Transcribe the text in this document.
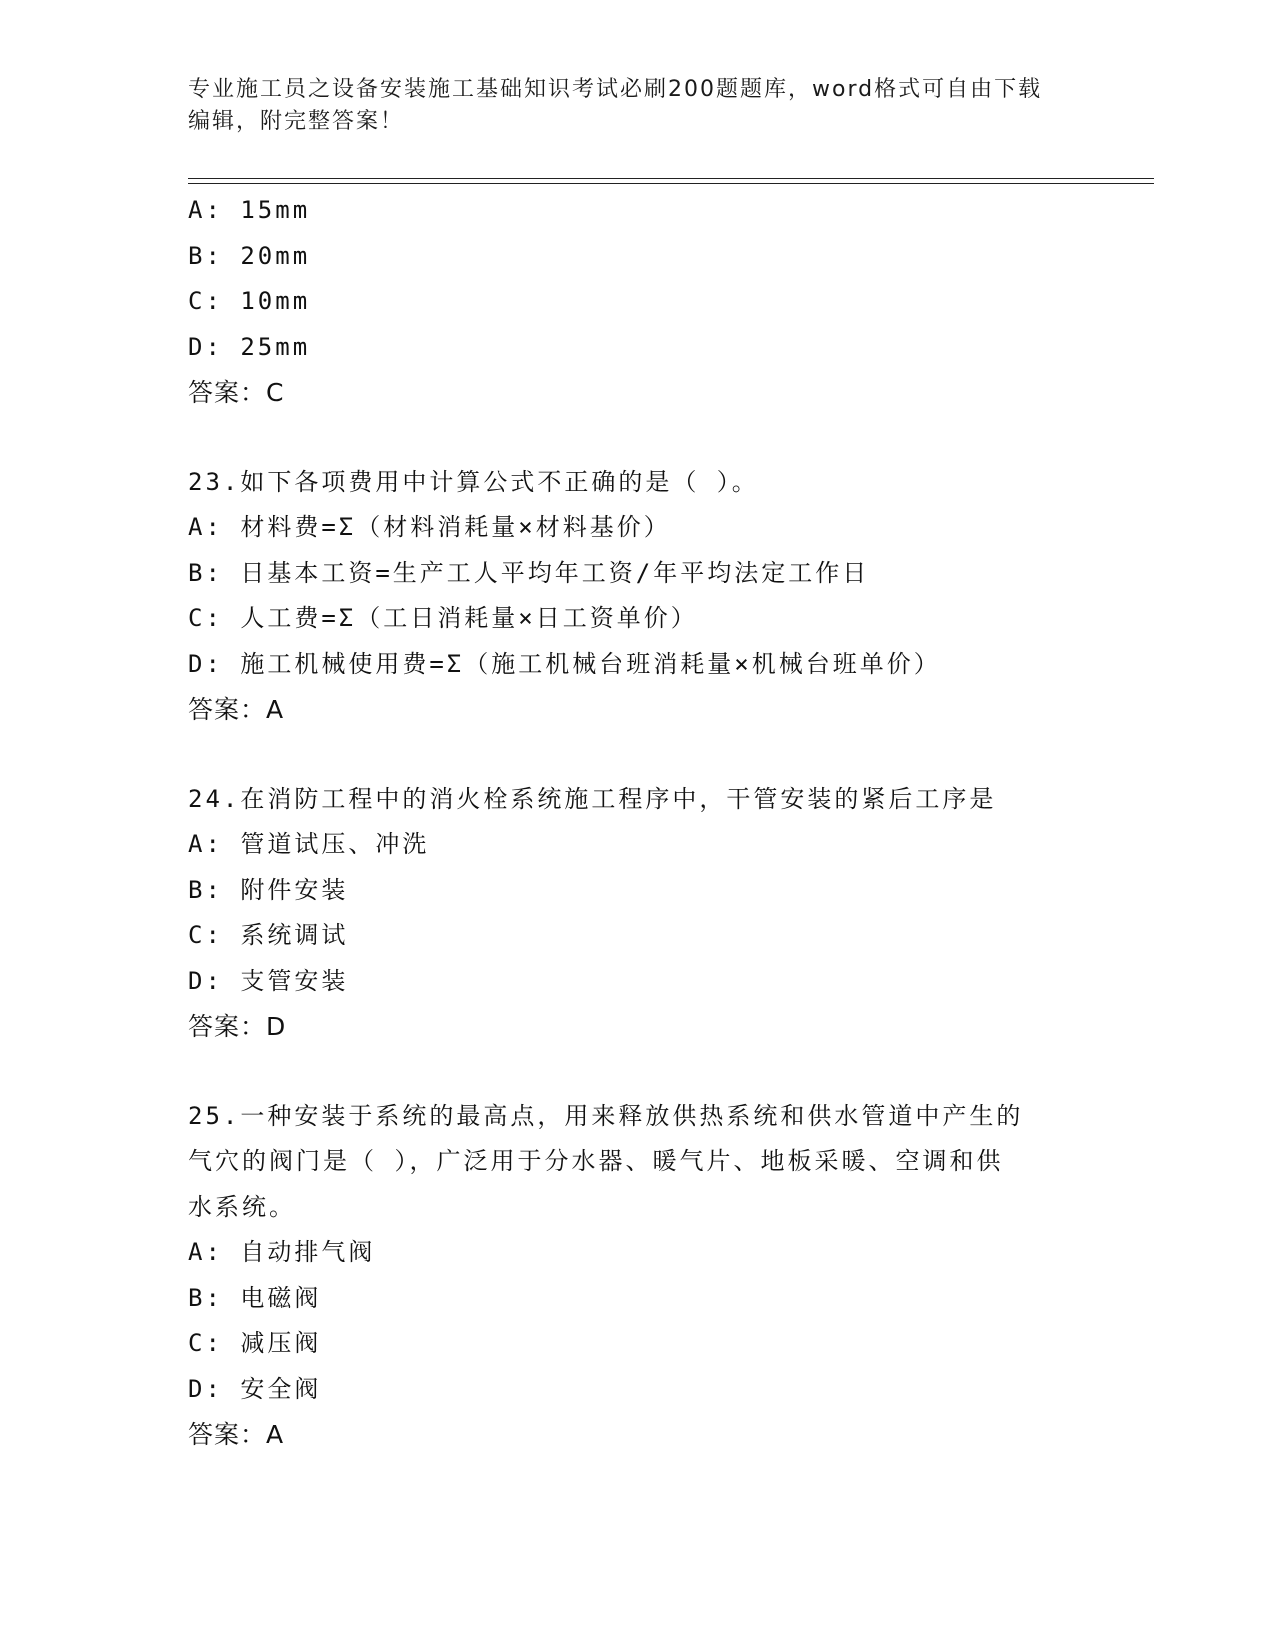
专业施工员之设备安装施工基础知识考试必刷200题题库，word格式可自由下载
编辑，附完整答案！
A: 15mm
B: 20mm
C: 10mm
D: 25mm
答案：C
23.如下各项费用中计算公式不正确的是（ ）。
A: 材料费=Σ（材料消耗量×材料基价）
B: 日基本工资=生产工人平均年工资/年平均法定工作日
C: 人工费=Σ（工日消耗量×日工资单价）
D: 施工机械使用费=Σ（施工机械台班消耗量×机械台班单价）
答案：A
24.在消防工程中的消火栓系统施工程序中，干管安装的紧后工序是
A: 管道试压、冲洗
B: 附件安装
C: 系统调试
D: 支管安装
答案：D
25.一种安装于系统的最高点，用来释放供热系统和供水管道中产生的
气穴的阀门是（ ），广泛用于分水器、暖气片、地板采暖、空调和供
水系统。
A: 自动排气阀
B: 电磁阀
C: 减压阀
D: 安全阀
答案：A
